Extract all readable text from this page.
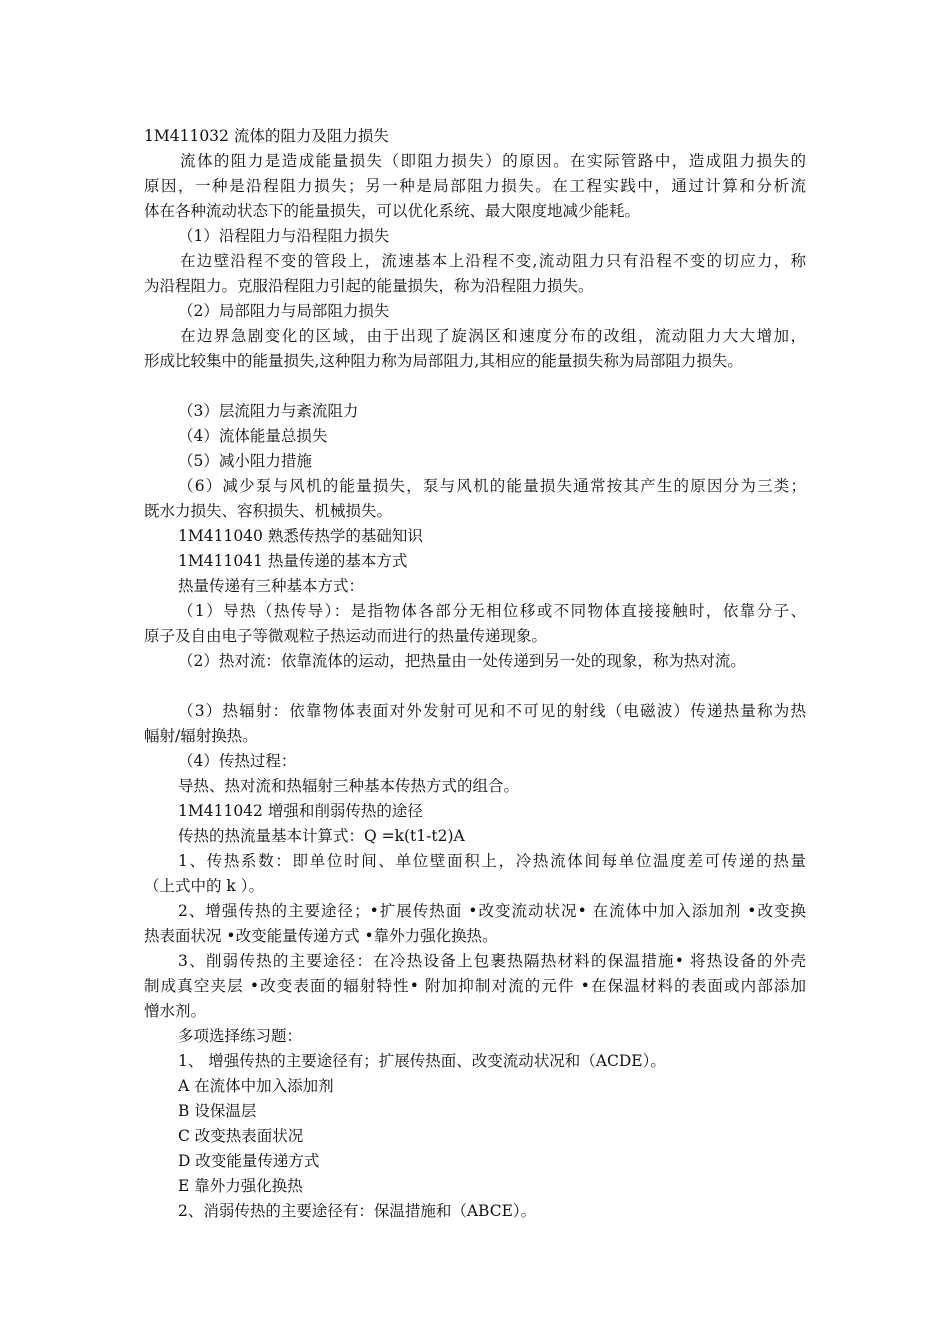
1M411032 流体的阻力及阻力损失
流体的阻力是造成能量损失（即阻力损失）的原因。在实际管路中，造成阻力损失的
原因，一种是沿程阻力损失；另一种是局部阻力损失。在工程实践中，通过计算和分析流
体在各种流动状态下的能量损失，可以优化系统、最大限度地减少能耗。
（1）沿程阻力与沿程阻力损失
在边壁沿程不变的管段上，流速基本上沿程不变,流动阻力只有沿程不变的切应力，称
为沿程阻力。克服沿程阻力引起的能量损失，称为沿程阻力损失。
（2）局部阻力与局部阻力损失
在边界急剧变化的区域，由于出现了旋涡区和速度分布的改组，流动阻力大大增加，
形成比较集中的能量损失,这种阻力称为局部阻力,其相应的能量损失称为局部阻力损失。
（3）层流阻力与紊流阻力
（4）流体能量总损失
（5）减小阻力措施
（6）减少泵与风机的能量损失，泵与风机的能量损失通常按其产生的原因分为三类；
既水力损失、容积损失、机械损失。
1M411040 熟悉传热学的基础知识
1M411041 热量传递的基本方式
热量传递有三种基本方式：
（1）导热（热传导）：是指物体各部分无相位移或不同物体直接接触时，依靠分子、
原子及自由电子等微观粒子热运动而进行的热量传递现象。
（2）热对流：依靠流体的运动，把热量由一处传递到另一处的现象，称为热对流。
（3）热辐射：依靠物体表面对外发射可见和不可见的射线（电磁波）传递热量称为热
幅射/辐射换热。
（4）传热过程：
导热、热对流和热辐射三种基本传热方式的组合。
1M411042 增强和削弱传热的途径
传热的热流量基本计算式：Q =k(t1-t2)A
1、传热系数：即单位时间、单位壁面积上，冷热流体间每单位温度差可传递的热量
（上式中的 k ）。
2、增强传热的主要途径；•扩展传热面 •改变流动状况• 在流体中加入添加剂 •改变换
热表面状况 •改变能量传递方式 •靠外力强化换热。
3、削弱传热的主要途径：在冷热设备上包裹热隔热材料的保温措施• 将热设备的外壳
制成真空夹层 •改变表面的辐射特性• 附加抑制对流的元件 •在保温材料的表面或内部添加
憎水剂。
多项选择练习题：
1、 增强传热的主要途径有；扩展传热面、改变流动状况和（ACDE）。
A 在流体中加入添加剂
B 设保温层
C 改变热表面状况
D 改变能量传递方式
E 靠外力强化换热
2、消弱传热的主要途径有：保温措施和（ABCE）。
